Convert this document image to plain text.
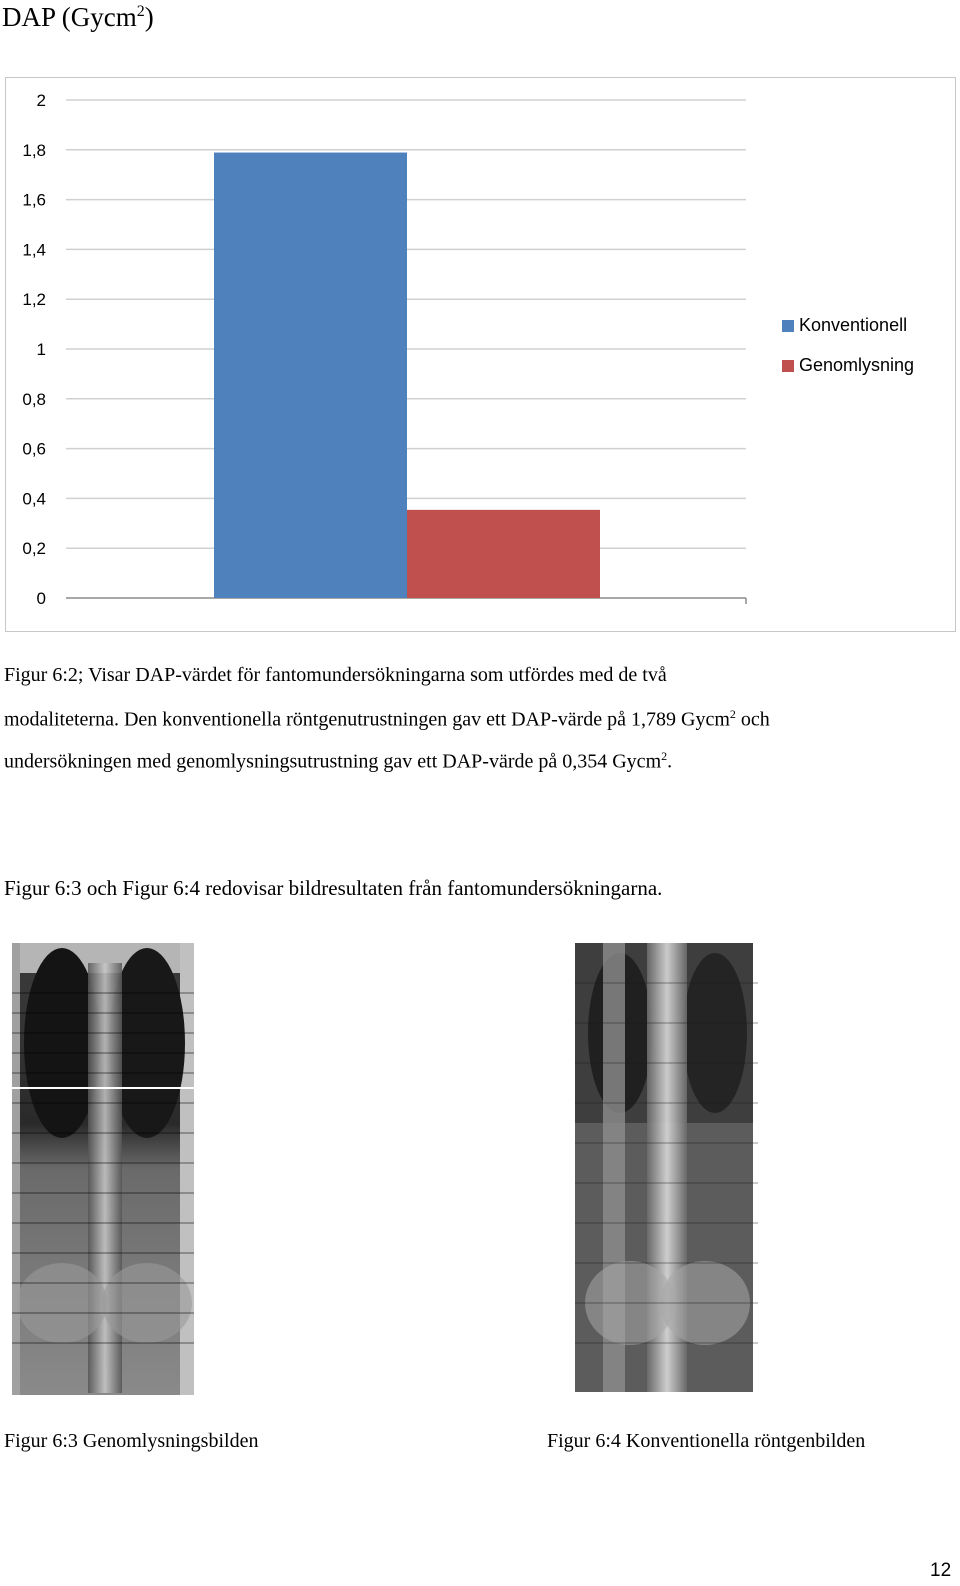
DAP (Gycm$^2$)
0
0,2
0,4
0,6
0,8
1
1,2
1,4
1,6
1,8
2
Konventionell
Genomlysning
Figur 6:2; Visar DAP-värdet för fantomundersökningarna som utfördes med de två
modaliteterna. Den konventionella röntgenutrustningen gav ett DAP-värde på 1,789 Gycm$^2$ och
undersökningen med genomlysningsutrustning gav ett DAP-värde på 0,354 Gycm$^2$.
Figur 6:3 och Figur 6:4 redovisar bildresultaten från fantomundersökningarna.
Figur 6:3 Genomlysningsbilden	Figur 6:4 Konventionella röntgenbilden
12
